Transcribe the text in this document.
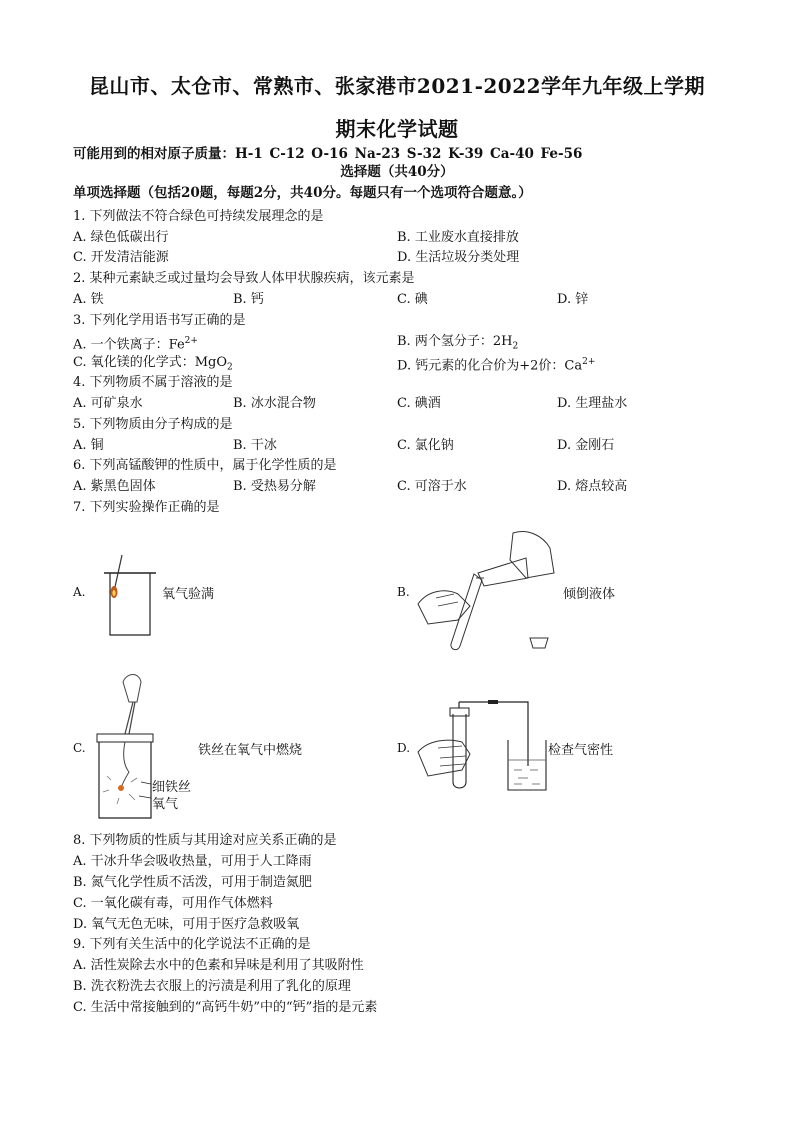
昆山市、太仓市、常熟市、张家港市2021-2022学年九年级上学期
期末化学试题
可能用到的相对原子质量：H-1 C-12 O-16 Na-23 S-32 K-39 Ca-40 Fe-56
选择题（共40分）
单项选择题（包括20题，每题2分，共40分。每题只有一个选项符合题意。）
1. 下列做法不符合绿色可持续发展理念的是
A. 绿色低碳出行	B. 工业废水直接排放
C. 开发清洁能源	D. 生活垃圾分类处理
2. 某种元素缺乏或过量均会导致人体甲状腺疾病，该元素是
A. 铁	B. 钙	C. 碘	D. 锌
3. 下列化学用语书写正确的是
A. 一个铁离子：$Fe^{2+}$	B. 两个氢分子：$2H_2$
C. 氧化镁的化学式：MgO$_2$	D. 钙元素的化合价为+2价：$Ca^{2+}$
4. 下列物质不属于溶液的是
A. 可矿泉水	B. 冰水混合物	C. 碘酒	D. 生理盐水
5. 下列物质由分子构成的是
A. 铜	B. 干冰	C. 氯化钠	D. 金刚石
6. 下列高锰酸钾的性质中，属于化学性质的是
A. 紫黑色固体	B. 受热易分解	C. 可溶于水	D. 熔点较高
7. 下列实验操作正确的是
A.	氧气验满	B.	倾倒液体
C.
细铁丝
氧气
铁丝在氧气中燃烧	D.	检查气密性
8. 下列物质的性质与其用途对应关系正确的是
A. 干冰升华会吸收热量，可用于人工降雨
B. 氮气化学性质不活泼，可用于制造氮肥
C. 一氧化碳有毒，可用作气体燃料
D. 氧气无色无味，可用于医疗急救吸氧
9. 下列有关生活中的化学说法不正确的是
A. 活性炭除去水中的色素和异味是利用了其吸附性
B. 洗衣粉洗去衣服上的污渍是利用了乳化的原理
C. 生活中常接触到的“高钙牛奶”中的“钙”指的是元素
